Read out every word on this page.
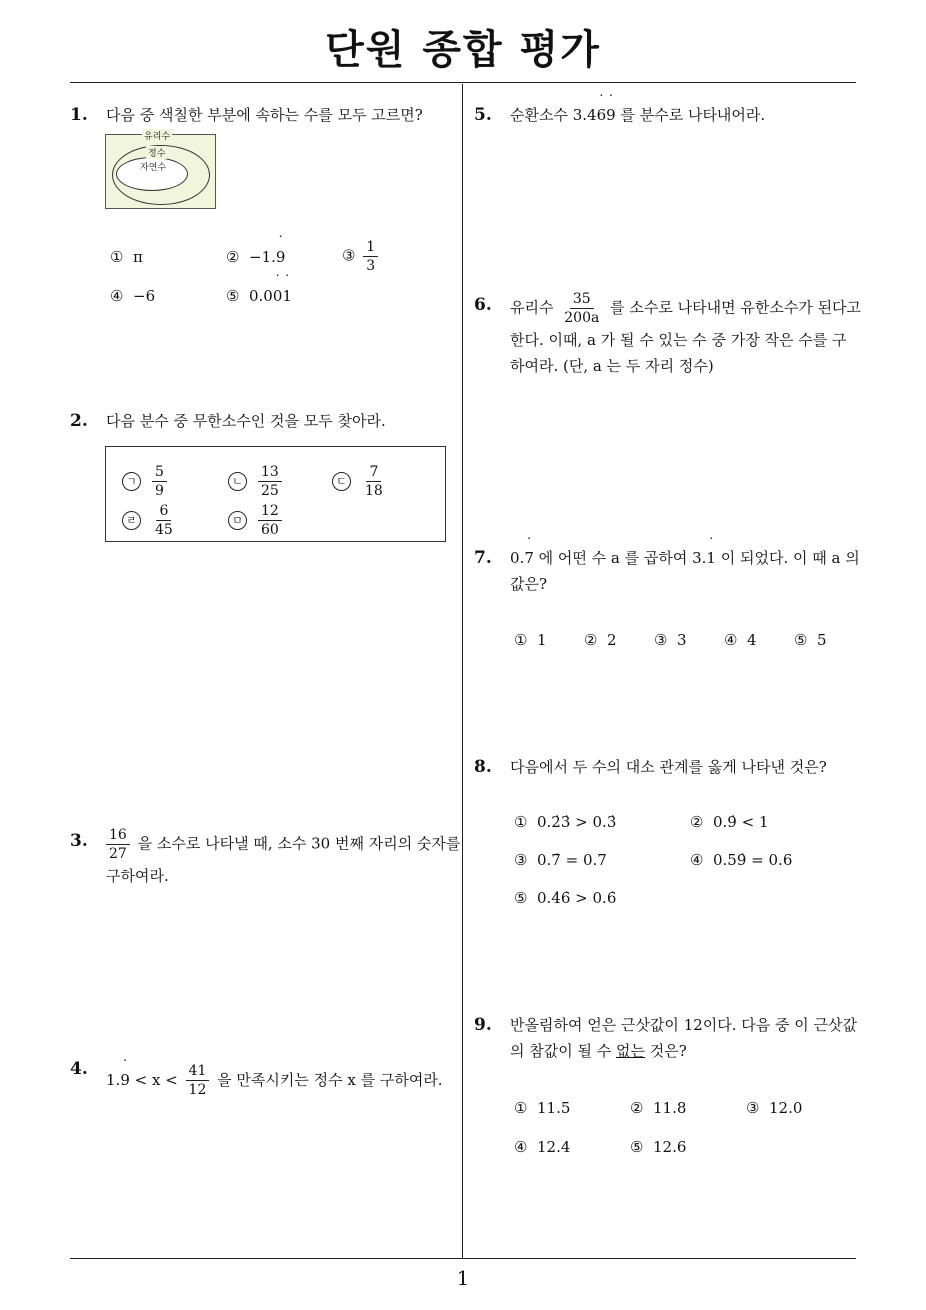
단원 종합 평가
1
1. 다음 중 색칠한 부분에 속하는 수를 모두 고르면?
유리수
정수
자연수
① π	② −1.˙ 9	③ $\frac{1}{3}$
④ −6	⑤ 0.0˙ 0˙ 1
2. 다음 분수 중 무한소수인 것을 모두 찾아라.
ㄱ $\frac{5}{9}$	ㄴ $\frac{13}{25}$	ㄷ $\frac{7}{18}$
ㄹ $\frac{6}{45}$	ㅁ $\frac{12}{60}$
3. $\frac{16}{27}$ 을 소수로 나타낼 때, 소수 30 번째 자리의 숫자를
구하여라.
4.
1.˙ $9 < x < \frac{41}{12}$ 을 만족시키는 정수 x 를 구하여라.
5. 순환소수 3.4˙ 6˙ 9 를 분수로 나타내어라.
6. 유리수 $\frac{35}{200a}$ 를 소수로 나타내면 유한소수가 된다고
한다. 이때, a 가 될 수 있는 수 중 가장 작은 수를 구
하여라. (단, a 는 두 자리 정수)
7. 0.˙ 7 에 어떤 수 a 를 곱하여 3.˙ 1 이 되었다. 이 때 a 의
값은?
① 1 ② 2 ③ 3 ④ 4 ⑤ 5
8. 다음에서 두 수의 대소 관계를 옳게 나타낸 것은?
① 0.2̇3̇ > 0.3̇	② 0.9̇ < 1
③ 0.7̇ = 0.7	④ 0.59̇ = 0.6
⑤ 0.4̇6̇ > 0.6̇
9. 반올림하여 얻은 근삿값이 12이다. 다음 중 이 근삿값
의 참값이 될 수 없는 것은?
① 11.5	② 11.8	③ 12.0
④ 12.4	⑤ 12.6
